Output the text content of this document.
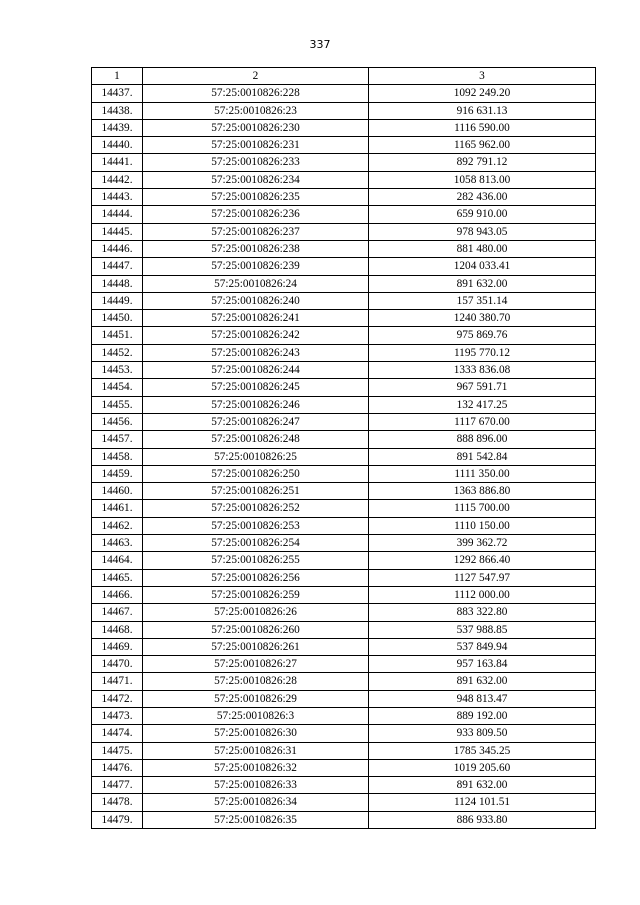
337
1	2	3
14437.	57:25:0010826:228	1092 249.20
14438.	57:25:0010826:23	916 631.13
14439.	57:25:0010826:230	1116 590.00
14440.	57:25:0010826:231	1165 962.00
14441.	57:25:0010826:233	892 791.12
14442.	57:25:0010826:234	1058 813.00
14443.	57:25:0010826:235	282 436.00
14444.	57:25:0010826:236	659 910.00
14445.	57:25:0010826:237	978 943.05
14446.	57:25:0010826:238	881 480.00
14447.	57:25:0010826:239	1204 033.41
14448.	57:25:0010826:24	891 632.00
14449.	57:25:0010826:240	157 351.14
14450.	57:25:0010826:241	1240 380.70
14451.	57:25:0010826:242	975 869.76
14452.	57:25:0010826:243	1195 770.12
14453.	57:25:0010826:244	1333 836.08
14454.	57:25:0010826:245	967 591.71
14455.	57:25:0010826:246	132 417.25
14456.	57:25:0010826:247	1117 670.00
14457.	57:25:0010826:248	888 896.00
14458.	57:25:0010826:25	891 542.84
14459.	57:25:0010826:250	1111 350.00
14460.	57:25:0010826:251	1363 886.80
14461.	57:25:0010826:252	1115 700.00
14462.	57:25:0010826:253	1110 150.00
14463.	57:25:0010826:254	399 362.72
14464.	57:25:0010826:255	1292 866.40
14465.	57:25:0010826:256	1127 547.97
14466.	57:25:0010826:259	1112 000.00
14467.	57:25:0010826:26	883 322.80
14468.	57:25:0010826:260	537 988.85
14469.	57:25:0010826:261	537 849.94
14470.	57:25:0010826:27	957 163.84
14471.	57:25:0010826:28	891 632.00
14472.	57:25:0010826:29	948 813.47
14473.	57:25:0010826:3	889 192.00
14474.	57:25:0010826:30	933 809.50
14475.	57:25:0010826:31	1785 345.25
14476.	57:25:0010826:32	1019 205.60
14477.	57:25:0010826:33	891 632.00
14478.	57:25:0010826:34	1124 101.51
14479.	57:25:0010826:35	886 933.80
